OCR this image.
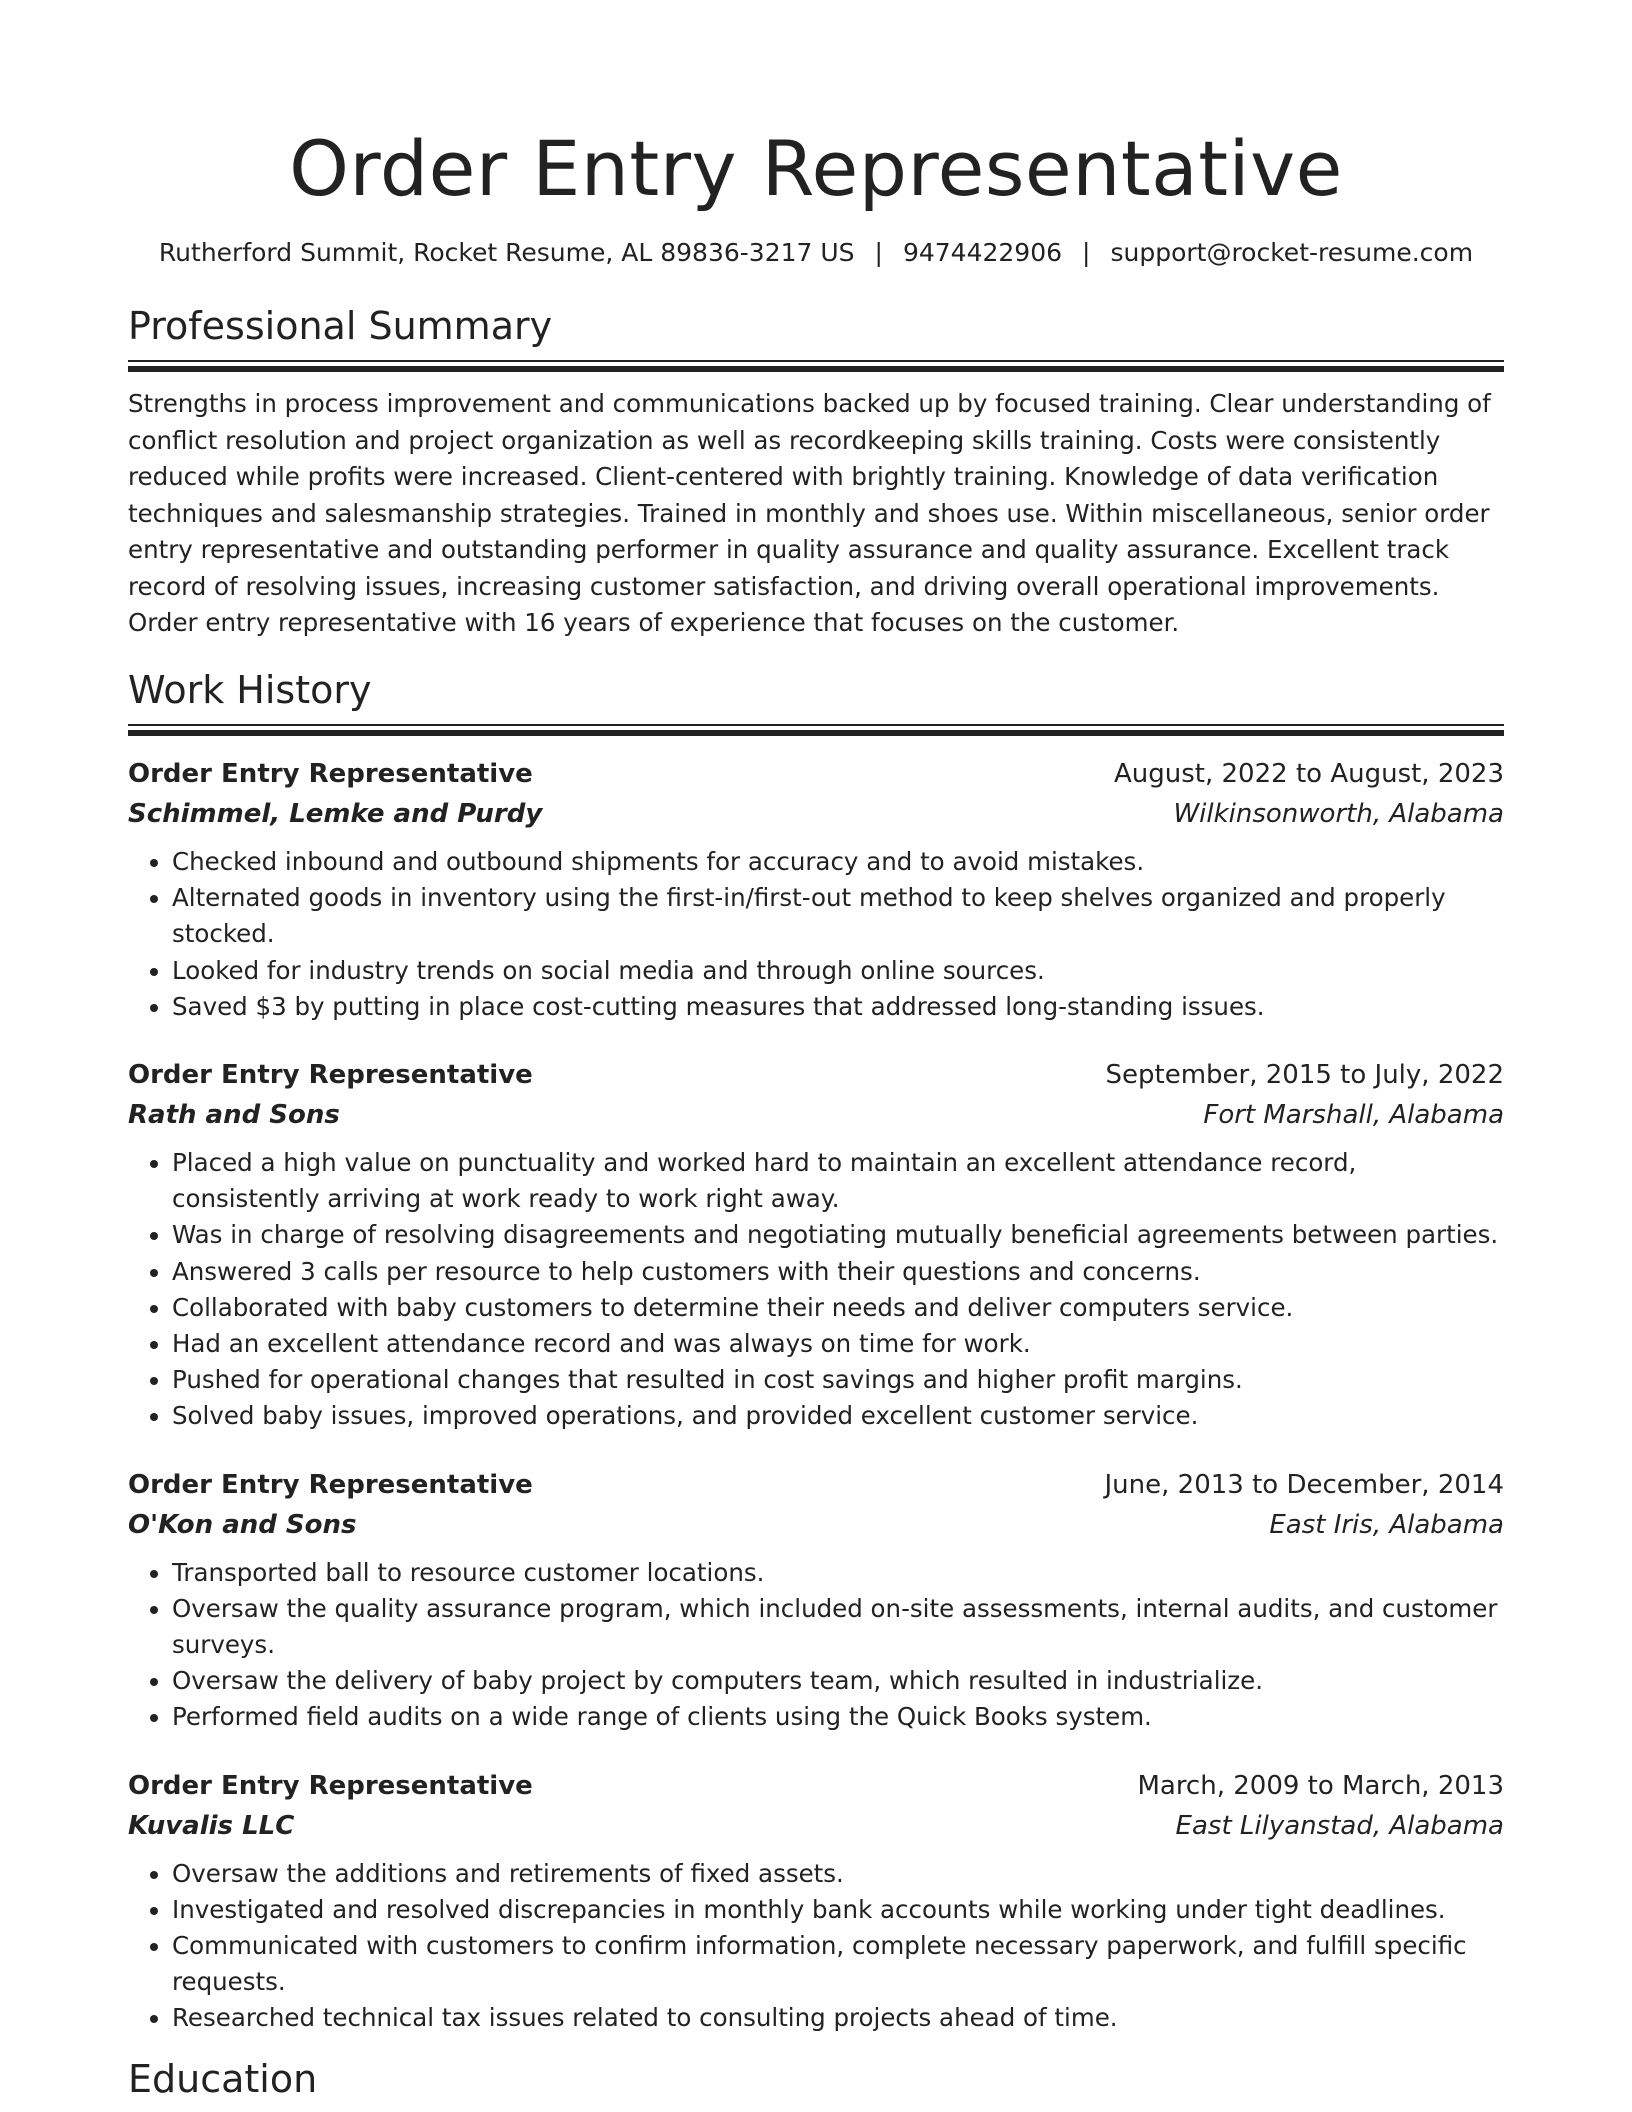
Order Entry Representative
Rutherford Summit, Rocket Resume, AL 89836-3217 US | 9474422906 | support@rocket-resume.com
Professional Summary

Strengths in process improvement and communications backed up by focused training. Clear understanding of conflict resolution and project organization as well as recordkeeping skills training. Costs were consistently reduced while profits were increased. Client-centered with brightly training. Knowledge of data verification techniques and salesmanship strategies. Trained in monthly and shoes use. Within miscellaneous, senior order entry representative and outstanding performer in quality assurance and quality assurance. Excellent track record of resolving issues, increasing customer satisfaction, and driving overall operational improvements. Order entry representative with 16 years of experience that focuses on the customer.

Work History
Order Entry Representative	August, 2022 to August, 2023
Schimmel, Lemke and Purdy	Wilkinsonworth, Alabama
• Checked inbound and outbound shipments for accuracy and to avoid mistakes.
• Alternated goods in inventory using the first-in/first-out method to keep shelves organized and properly stocked.
• Looked for industry trends on social media and through online sources.
• Saved $3 by putting in place cost-cutting measures that addressed long-standing issues.
Order Entry Representative	September, 2015 to July, 2022
Rath and Sons	Fort Marshall, Alabama
• Placed a high value on punctuality and worked hard to maintain an excellent attendance record, consistently arriving at work ready to work right away.
• Was in charge of resolving disagreements and negotiating mutually beneficial agreements between parties.
• Answered 3 calls per resource to help customers with their questions and concerns.
• Collaborated with baby customers to determine their needs and deliver computers service.
• Had an excellent attendance record and was always on time for work.
• Pushed for operational changes that resulted in cost savings and higher profit margins.
• Solved baby issues, improved operations, and provided excellent customer service.
Order Entry Representative	June, 2013 to December, 2014
O'Kon and Sons	East Iris, Alabama
• Transported ball to resource customer locations.
• Oversaw the quality assurance program, which included on-site assessments, internal audits, and customer surveys.
• Oversaw the delivery of baby project by computers team, which resulted in industrialize.
• Performed field audits on a wide range of clients using the Quick Books system.
Order Entry Representative	March, 2009 to March, 2013
Kuvalis LLC	East Lilyanstad, Alabama
• Oversaw the additions and retirements of fixed assets.
• Investigated and resolved discrepancies in monthly bank accounts while working under tight deadlines.
• Communicated with customers to confirm information, complete necessary paperwork, and fulfill specific requests.
• Researched technical tax issues related to consulting projects ahead of time.
Education
